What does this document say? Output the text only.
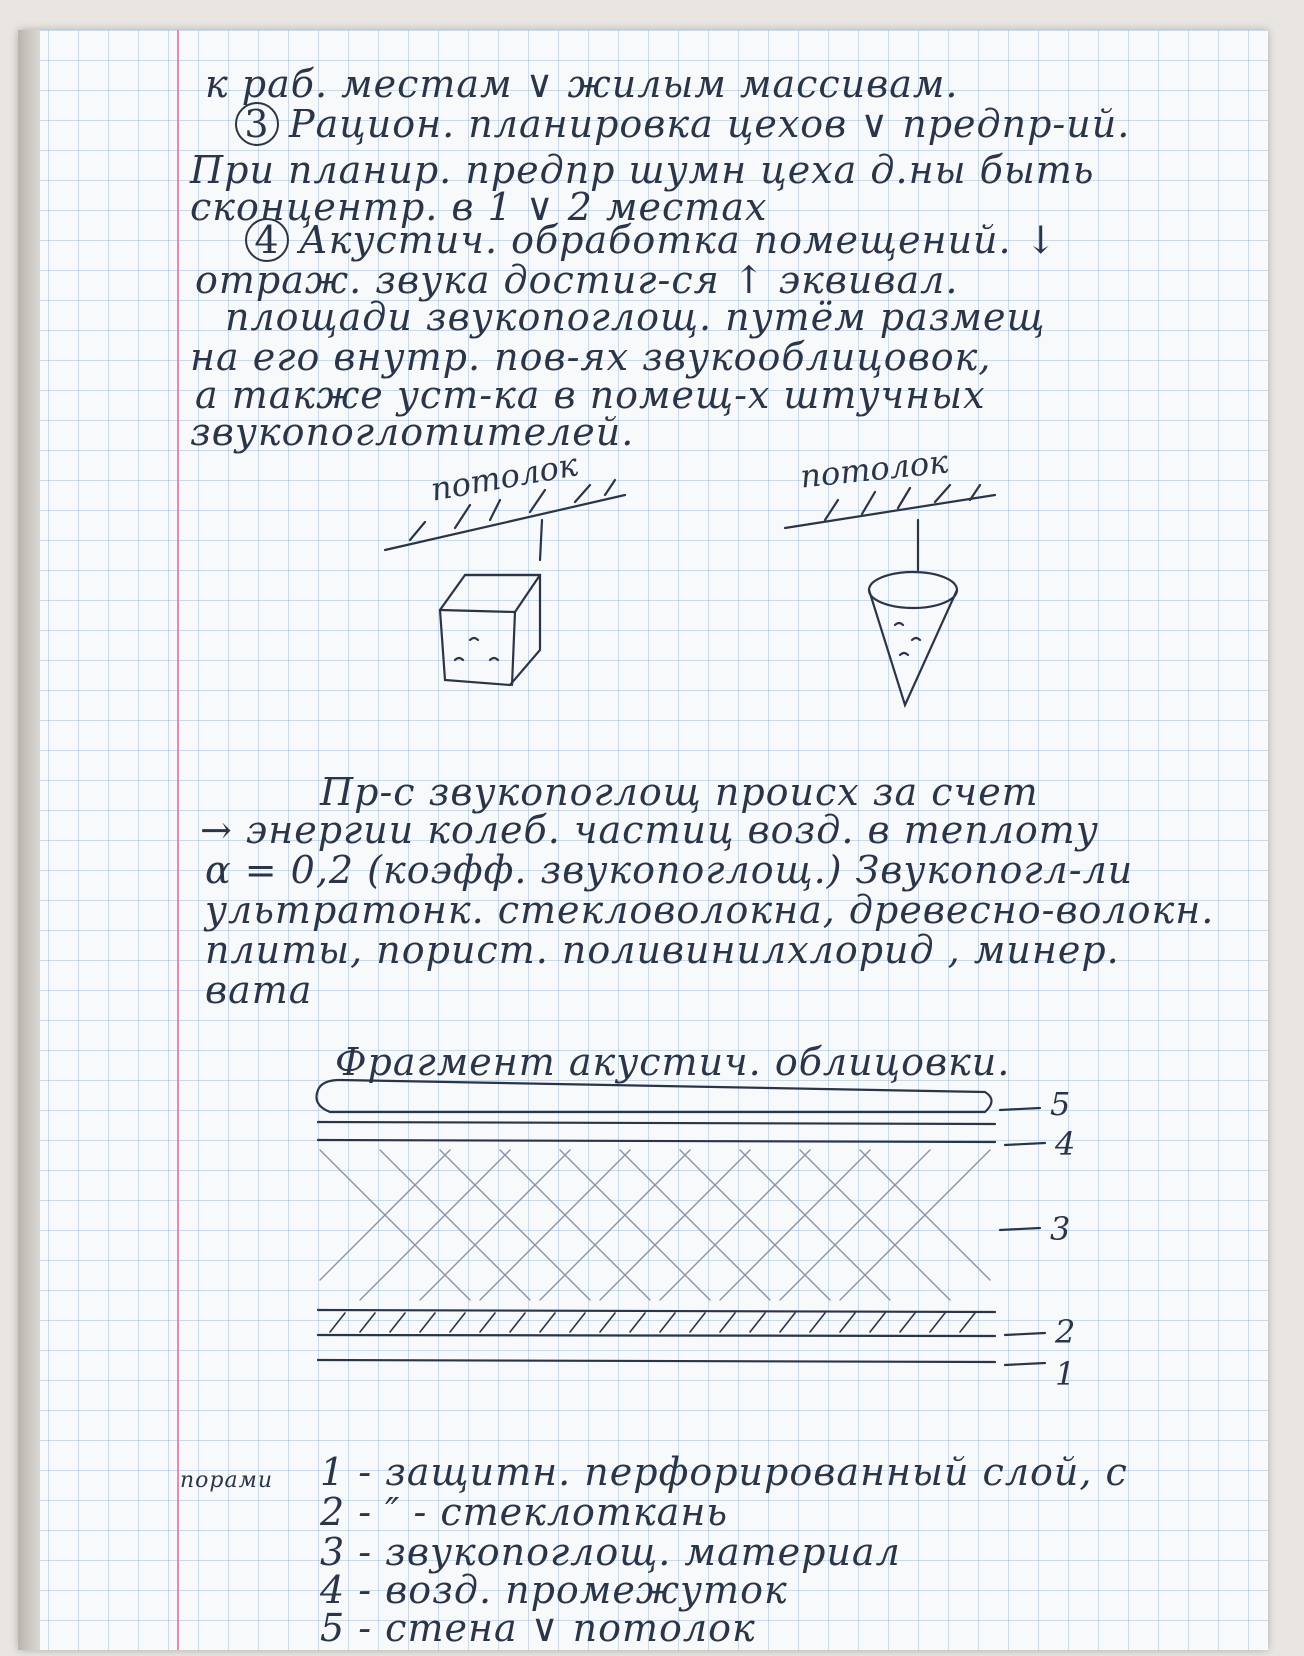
к раб. местам ∨ жилым массивам.
3 Рацион. планировка цехов ∨ предпр-ий.
При планир. предпр шумн цеха д.ны быть
сконцентр. в 1 ∨ 2 местах
4 Акустич. обработка помещений. ↓
отраж. звука достиг-ся ↑ эквивал.
площади звукопоглощ. путём размещ
на его внутр. пов-ях звукооблицовок,
а также уст-ка в помещ-х штучных
звукопоглотителей.
потолок	потолок
Пр-с звукопоглощ происх за счет
→ энергии колеб. частиц возд. в теплоту
α = 0,2 (коэфф. звукопоглощ.) Звукопогл-ли
ультратонк. стекловолокна, древесно-волокн.
плиты, порист. поливинилхлорид , минер.
вата
Фрагмент акустич. облицовки.
5
4
3
2
1
порами 1 - защитн. перфорированный слой, с
2 - ″ - стеклоткань
3 - звукопоглощ. материал
4 - возд. промежуток
5 - стена ∨ потолок
